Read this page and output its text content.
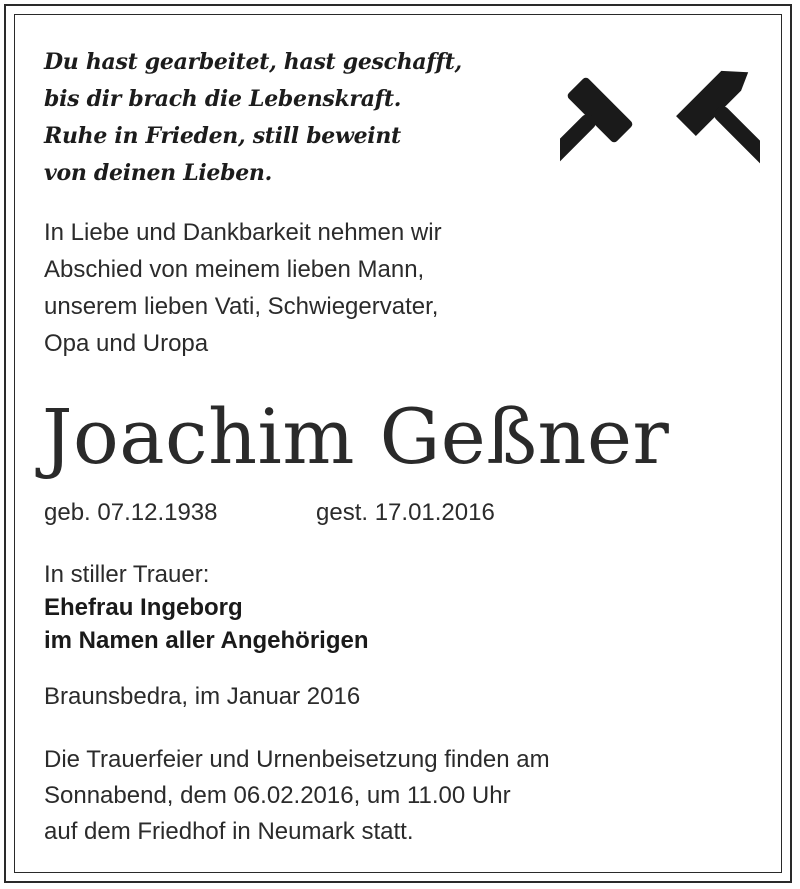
Du hast gearbeitet, hast geschafft,
bis dir brach die Lebenskraft.
Ruhe in Frieden, still beweint
von deinen Lieben.
In Liebe und Dankbarkeit nehmen wir
Abschied von meinem lieben Mann,
unserem lieben Vati, Schwiegervater,
Opa und Uropa
Joachim Geßner
geb. 07.12.1938	gest. 17.01.2016
In stiller Trauer:
Ehefrau Ingeborg
im Namen aller Angehörigen
Braunsbedra, im Januar 2016
Die Trauerfeier und Urnenbeisetzung finden am
Sonnabend, dem 06.02.2016, um 11.00 Uhr
auf dem Friedhof in Neumark statt.
